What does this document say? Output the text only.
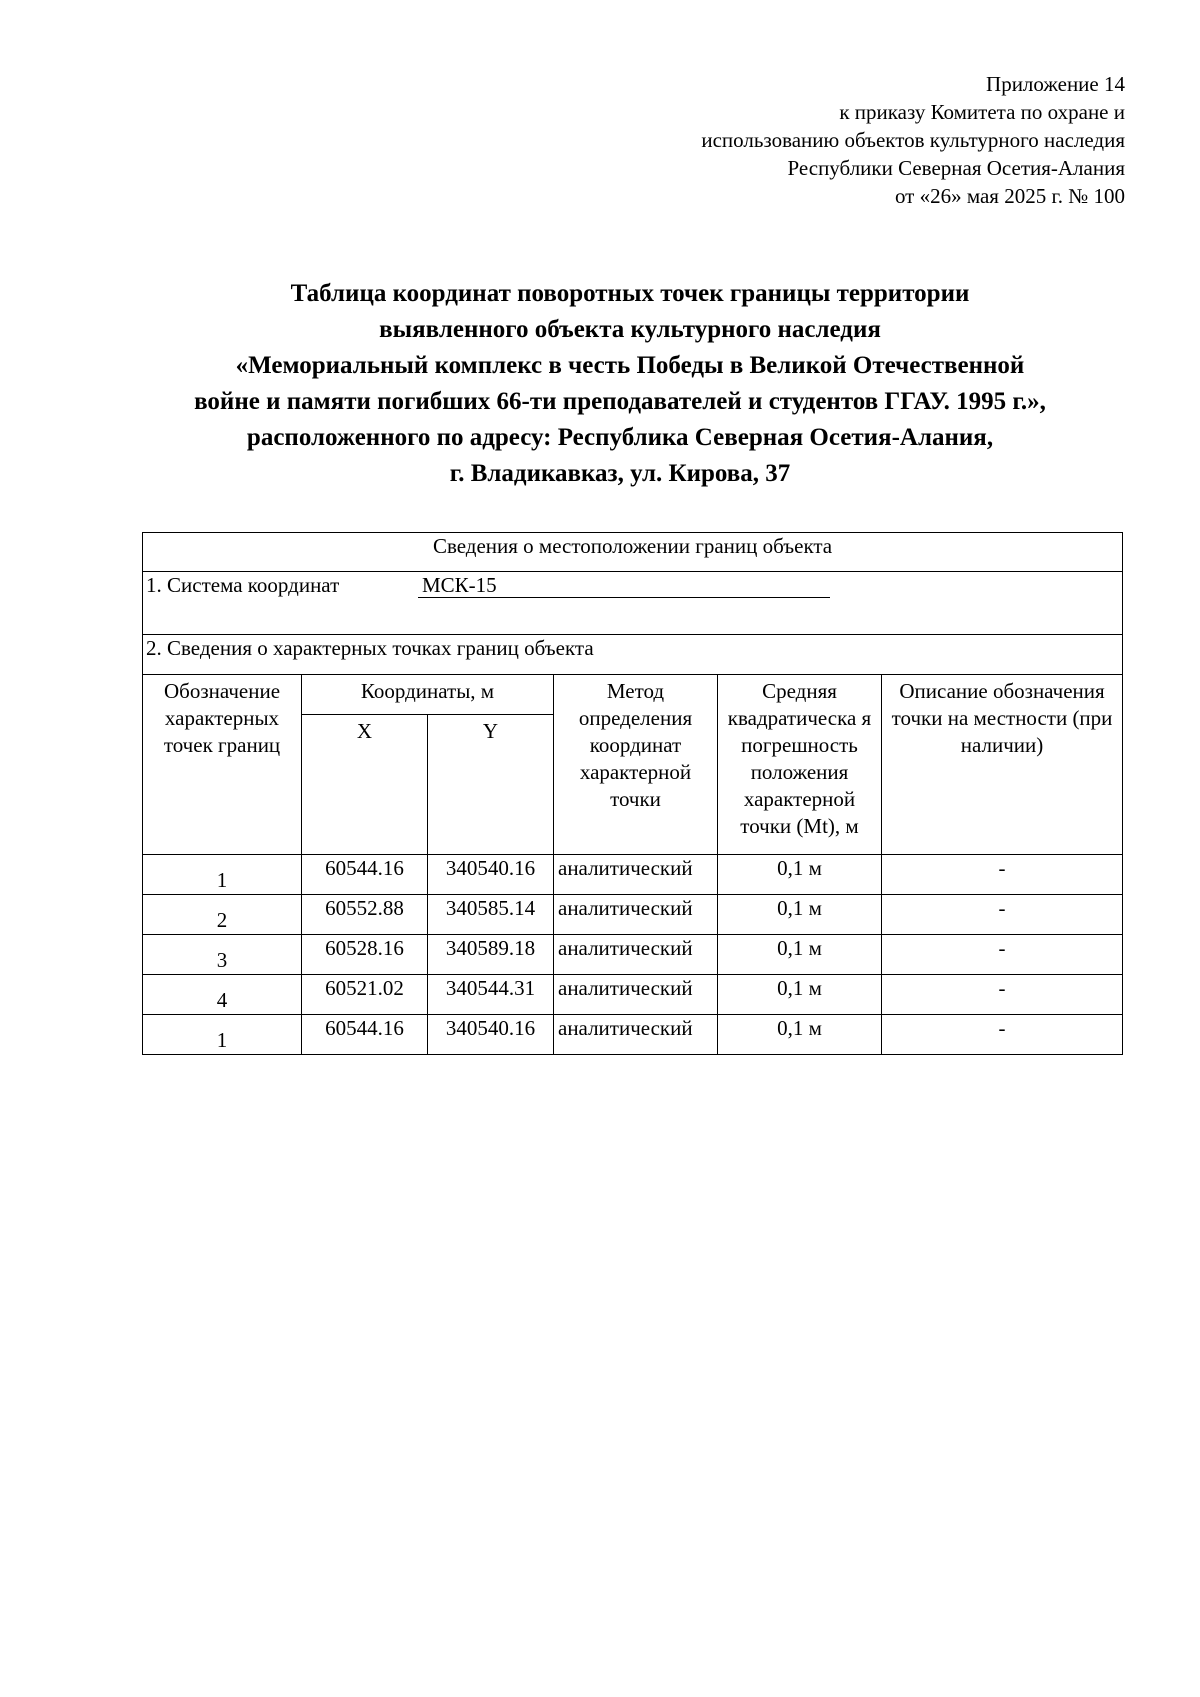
Приложение 14
к приказу Комитета по охране и
использованию объектов культурного наследия
Республики Северная Осетия-Алания
от «26» мая 2025 г. № 100
Таблица координат поворотных точек границы территории
выявленного объекта культурного наследия
«Мемориальный комплекс в честь Победы в Великой Отечественной
войне и памяти погибших 66-ти преподавателей и студентов ГГАУ. 1995 г.»,
расположенного по адресу: Республика Северная Осетия-Алания,
г. Владикавказ, ул. Кирова, 37
Сведения о местоположении границ объекта					
1. Система координат МСК-15					
2. Сведения о характерных точках границ объекта					
Обозначение характерных точек границ	Координаты, м		Метод определения координат характерной точки	Средняя квадратическа я погрешность положения характерной точки (Mt), м	Описание обозначения точки на местности (при наличии)
	X	Y			
1	60544.16	340540.16	аналитический	0,1 м	-
2	60552.88	340585.14	аналитический	0,1 м	-
3	60528.16	340589.18	аналитический	0,1 м	-
4	60521.02	340544.31	аналитический	0,1 м	-
1	60544.16	340540.16	аналитический	0,1 м	-
